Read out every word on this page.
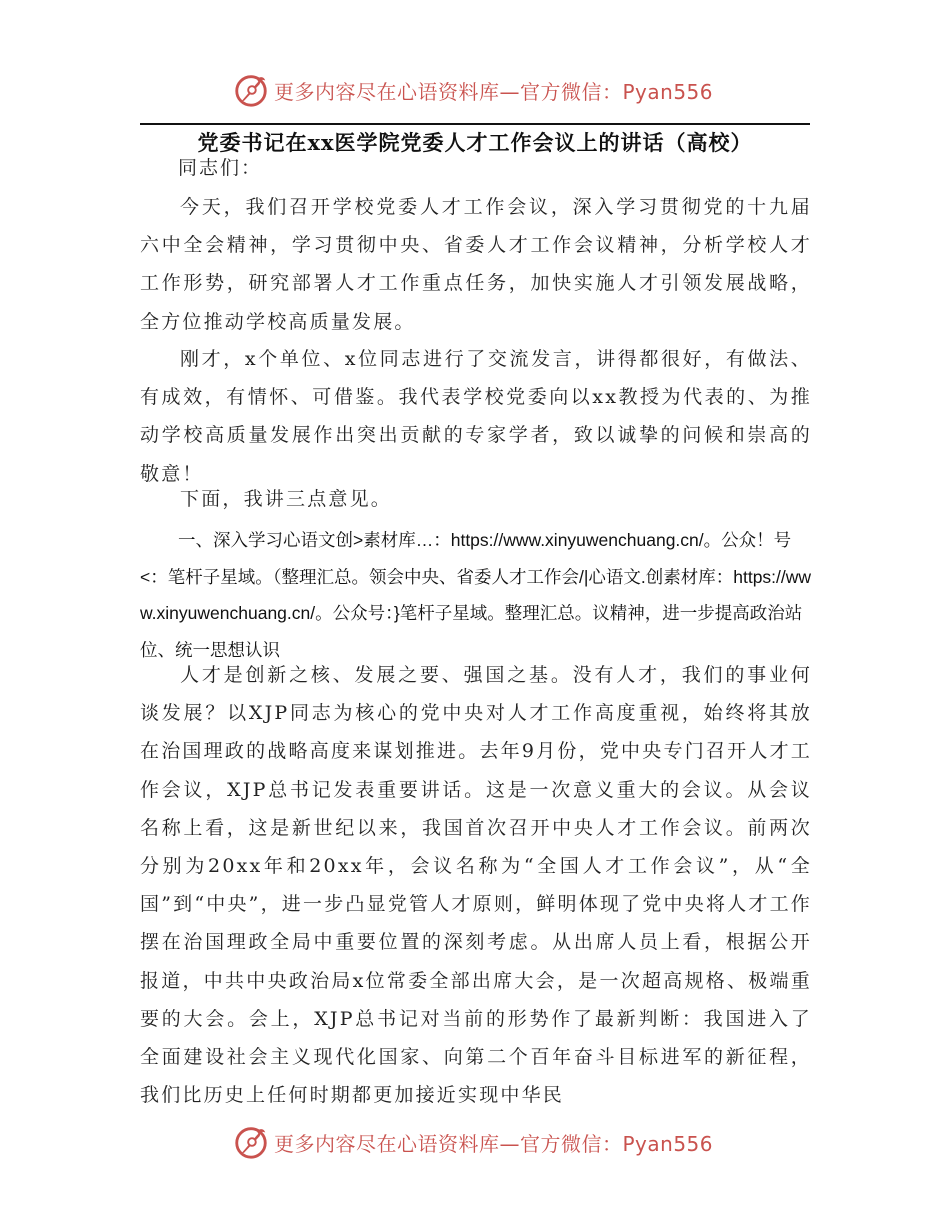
更多内容尽在心语资料库—官方微信：Pyan556
党委书记在xx医学院党委人才工作会议上的讲话（高校）
同志们：

今天，我们召开学校党委人才工作会议，深入学习贯彻党的十九届六中全会精神，学习贯彻中央、省委人才工作会议精神，分析学校人才工作形势，研究部署人才工作重点任务，加快实施人才引领发展战略，全方位推动学校高质量发展。

刚才，x个单位、x位同志进行了交流发言，讲得都很好，有做法、有成效，有情怀、可借鉴。我代表学校党委向以xx教授为代表的、为推动学校高质量发展作出突出贡献的专家学者，致以诚挚的问候和崇高的敬意！

下面，我讲三点意见。

一、深入学习心语文创>素材库…：https://www.xinyuwenchuang.cn/。公众！号<：笔杆子星域。（整理汇总。领会中央、省委人才工作会/|心语文.创素材库：https://www.xinyuwenchuang.cn/。公众号：}笔杆子星域。整理汇总。议精神，进一步提高政治站位、统一思想认识

人才是创新之核、发展之要、强国之基。没有人才，我们的事业何谈发展？以XJP同志为核心的党中央对人才工作高度重视，始终将其放在治国理政的战略高度来谋划推进。去年9月份，党中央专门召开人才工作会议，XJP总书记发表重要讲话。这是一次意义重大的会议。从会议名称上看，这是新世纪以来，我国首次召开中央人才工作会议。前两次分别为20xx年和20xx年，会议名称为“全国人才工作会议”，从“全国”到“中央”，进一步凸显党管人才原则，鲜明体现了党中央将人才工作摆在治国理政全局中重要位置的深刻考虑。从出席人员上看，根据公开报道，中共中央政治局x位常委全部出席大会，是一次超高规格、极端重要的大会。会上，XJP总书记对当前的形势作了最新判断：我国进入了全面建设社会主义现代化国家、向第二个百年奋斗目标进军的新征程，我们比历史上任何时期都更加接近实现中华民

更多内容尽在心语资料库—官方微信：Pyan556
